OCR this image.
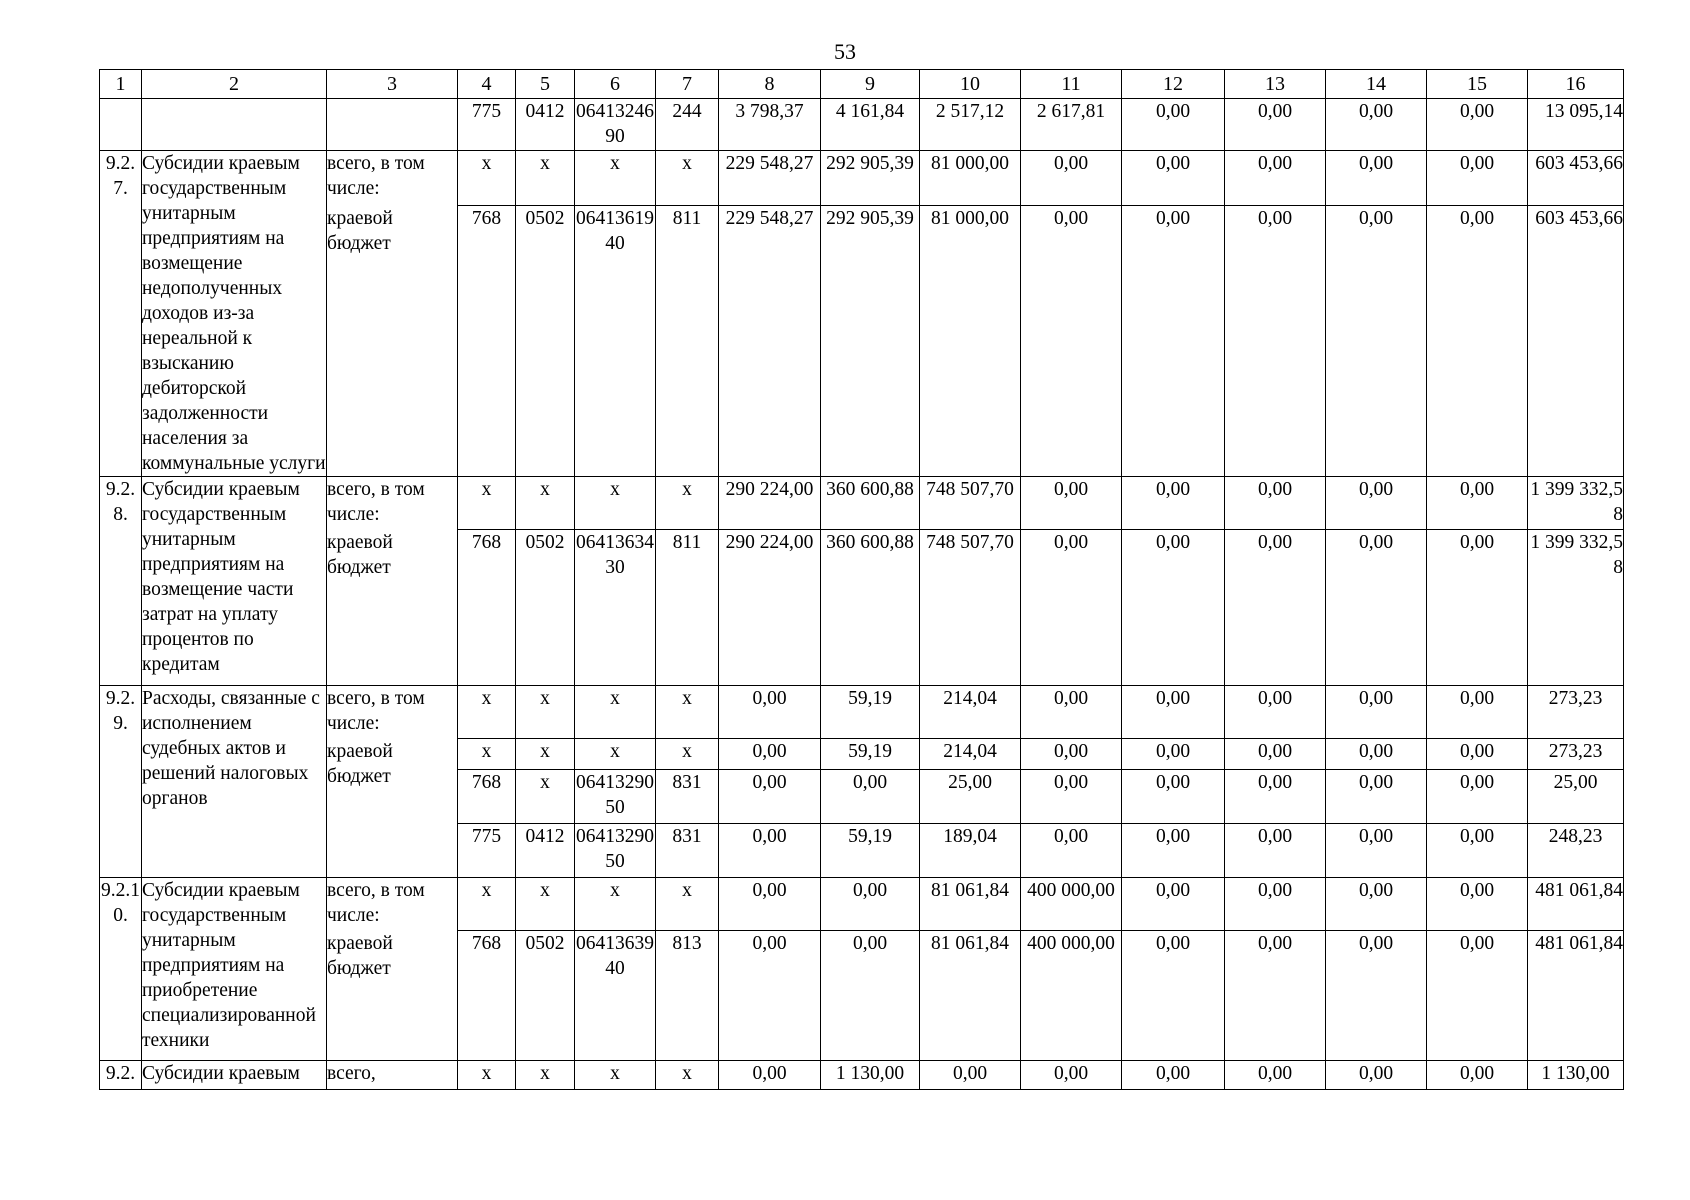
53
1	2	3	4	5	6	7	8	9	10	11	12	13	14	15	16
			775	0412	0641324690	244	3 798,37	4 161,84	2 517,12	2 617,81	0,00	0,00	0,00	0,00	13 095,14
9.2.7.	Субсидии краевым государственным унитарным предприятиям на возмещение недополученных доходов из-за нереальной к взысканию дебиторской задолженности населения за коммунальные услуги	всего, в том числе:	x	x	x	x	229 548,27	292 905,39	81 000,00	0,00	0,00	0,00	0,00	0,00	603 453,66
		краевой бюджет	768	0502	0641361940	811	229 548,27	292 905,39	81 000,00	0,00	0,00	0,00	0,00	0,00	603 453,66
9.2.8.	Субсидии краевым государственным унитарным предприятиям на возмещение части затрат на уплату процентов по кредитам	всего, в том числе:	x	x	x	x	290 224,00	360 600,88	748 507,70	0,00	0,00	0,00	0,00	0,00	1 399 332,58
		краевой бюджет	768	0502	0641363430	811	290 224,00	360 600,88	748 507,70	0,00	0,00	0,00	0,00	0,00	1 399 332,58
9.2.9.	Расходы, связанные с исполнением судебных актов и решений налоговых органов	всего, в том числе:	x	x	x	x	0,00	59,19	214,04	0,00	0,00	0,00	0,00	0,00	273,23
		краевой бюджет	x	x	x	x	0,00	59,19	214,04	0,00	0,00	0,00	0,00	0,00	273,23
			768	x	0641329050	831	0,00	0,00	25,00	0,00	0,00	0,00	0,00	0,00	25,00
			775	0412	0641329050	831	0,00	59,19	189,04	0,00	0,00	0,00	0,00	0,00	248,23
9.2.10.	Субсидии краевым государственным унитарным предприятиям на приобретение специализированной техники	всего, в том числе:	x	x	x	x	0,00	0,00	81 061,84	400 000,00	0,00	0,00	0,00	0,00	481 061,84
		краевой бюджет	768	0502	0641363940	813	0,00	0,00	81 061,84	400 000,00	0,00	0,00	0,00	0,00	481 061,84
9.2.	Субсидии краевым	всего,	x	x	x	x	0,00	1 130,00	0,00	0,00	0,00	0,00	0,00	0,00	1 130,00
